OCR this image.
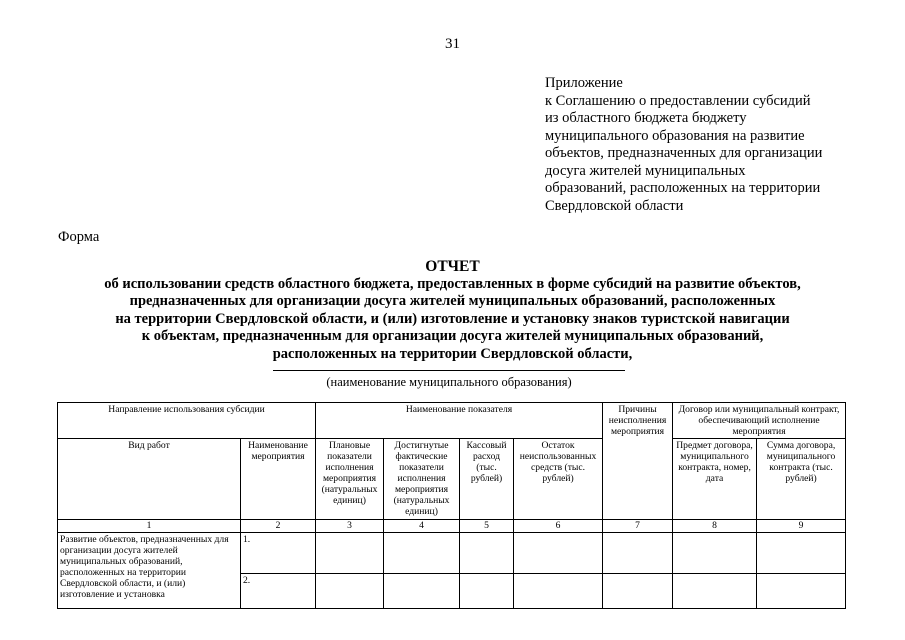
31
Приложение
к Соглашению о предоставлении субсидий
из областного бюджета бюджету
муниципального образования на развитие
объектов, предназначенных для организации
досуга жителей муниципальных
образований, расположенных на территории
Свердловской области
Форма
ОТЧЕТ
об использовании средств областного бюджета, предоставленных в форме субсидий на развитие объектов,
предназначенных для организации досуга жителей муниципальных образований, расположенных
на территории Свердловской области, и (или) изготовление и установку знаков туристской навигации
к объектам, предназначенным для организации досуга жителей муниципальных образований,
расположенных на территории Свердловской области,
(наименование муниципального образования)
Направление использования субсидии		Наименование показателя				Причины неисполнения мероприятия	Договор или муниципальный контракт, обеспечивающий исполнение мероприятия	
Вид работ	Наименование мероприятия	Плановые показатели исполнения мероприятия (натуральных единиц)	Достигнутые фактические показатели исполнения мероприятия (натуральных единиц)	Кассовый расход (тыс. рублей)	Остаток неиспользованных средств (тыс. рублей)		Предмет договора, муниципального контракта, номер, дата	Сумма договора, муниципального контракта (тыс. рублей)
1	2	3	4	5	6	7	8	9
Развитие объектов, предназначенных для организации досуга жителей муниципальных образований, расположенных на территории Свердловской области, и (или) изготовление и установка	1.							
	2.							
